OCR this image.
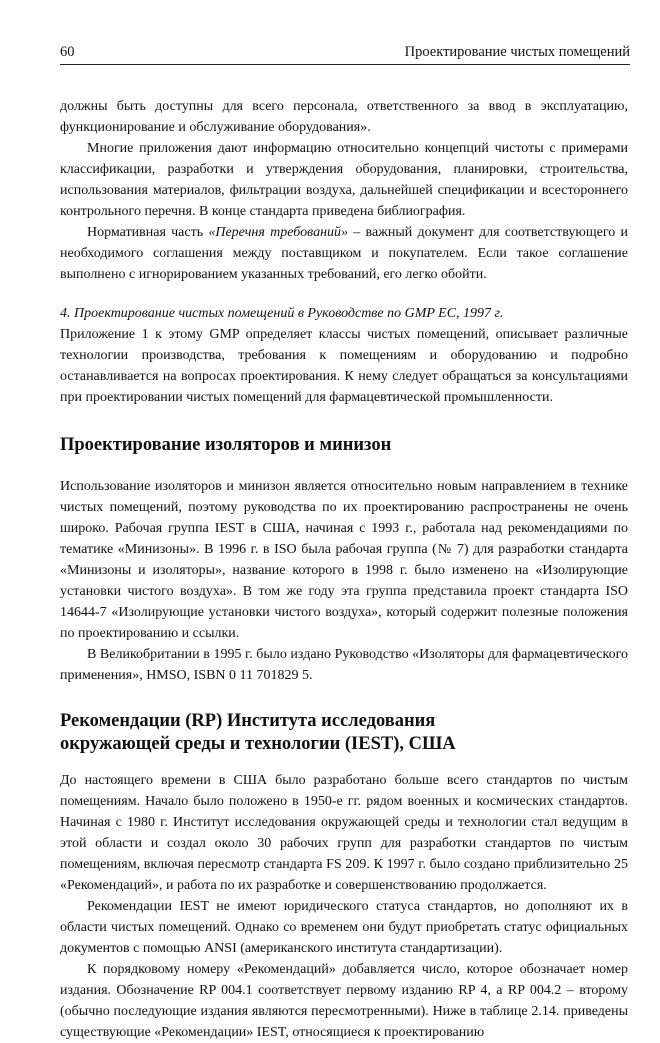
60	Проектирование чистых помещений

должны быть доступны для всего персонала, ответственного за ввод в эксплуатацию, функционирование и обслуживание оборудования».

Многие приложения дают информацию относительно концепций чистоты с примерами классификации, разработки и утверждения оборудования, планировки, строительства, использования материалов, фильтрации воздуха, дальнейшей спецификации и всестороннего контрольного перечня. В конце стандарта приведена библиография.

Нормативная часть «Перечня требований» – важный документ для соответствующего и необходимого соглашения между поставщиком и покупателем. Если такое соглашение выполнено с игнорированием указанных требований, его легко обойти.

4. Проектирование чистых помещений в Руководстве по GMP EC, 1997 г.

Приложение 1 к этому GMP определяет классы чистых помещений, описывает различные технологии производства, требования к помещениям и оборудованию и подробно останавливается на вопросах проектирования. К нему следует обращаться за консультациями при проектировании чистых помещений для фармацевтической промышленности.

Проектирование изоляторов и минизон

Использование изоляторов и минизон является относительно новым направлением в технике чистых помещений, поэтому руководства по их проектированию распространены не очень широко. Рабочая группа IEST в США, начиная с 1993 г., работала над рекомендациями по тематике «Минизоны». В 1996 г. в ISO была рабочая группа (№ 7) для разработки стандарта «Минизоны и изоляторы», название которого в 1998 г. было изменено на «Изолирующие установки чистого воздуха». В том же году эта группа представила проект стандарта ISO 14644-7 «Изолирующие установки чистого воздуха», который содержит полезные положения по проектированию и ссылки.

В Великобритании в 1995 г. было издано Руководство «Изоляторы для фармацевтического применения», HMSO, ISBN 0 11 701829 5.

Рекомендации (RP) Института исследования
окружающей среды и технологии (IEST), США

До настоящего времени в США было разработано больше всего стандартов по чистым помещениям. Начало было положено в 1950-е гг. рядом военных и космических стандартов. Начиная с 1980 г. Институт исследования окружающей среды и технологии стал ведущим в этой области и создал около 30 рабочих групп для разработки стандартов по чистым помещениям, включая пересмотр стандарта FS 209. К 1997 г. было создано приблизительно 25 «Рекомендаций», и работа по их разработке и совершенствованию продолжается.

Рекомендации IEST не имеют юридического статуса стандартов, но дополняют их в области чистых помещений. Однако со временем они будут приобретать статус официальных документов с помощью ANSI (американского института стандартизации).

К порядковому номеру «Рекомендаций» добавляется число, которое обозначает номер издания. Обозначение RP 004.1 соответствует первому изданию RP 4, а RP 004.2 – второму (обычно последующие издания являются пересмотренными). Ниже в таблице 2.14. приведены существующие «Рекомендации» IEST, относящиеся к проектированию
